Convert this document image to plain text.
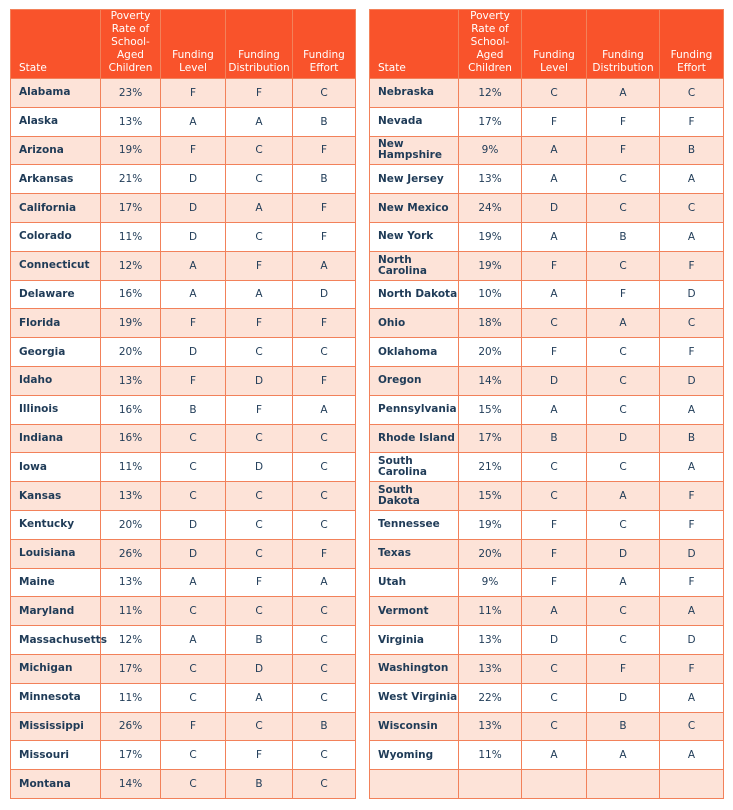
State	Poverty Rate of School-Aged Children	Funding Level	Funding Distribution	Funding Effort
Alabama	23%	F	F	C
Alaska	13%	A	A	B
Arizona	19%	F	C	F
Arkansas	21%	D	C	B
California	17%	D	A	F
Colorado	11%	D	C	F
Connecticut	12%	A	F	A
Delaware	16%	A	A	D
Florida	19%	F	F	F
Georgia	20%	D	C	C
Idaho	13%	F	D	F
Illinois	16%	B	F	A
Indiana	16%	C	C	C
Iowa	11%	C	D	C
Kansas	13%	C	C	C
Kentucky	20%	D	C	C
Louisiana	26%	D	C	F
Maine	13%	A	F	A
Maryland	11%	C	C	C
Massachusetts	12%	A	B	C
Michigan	17%	C	D	C
Minnesota	11%	C	A	C
Mississippi	26%	F	C	B
Missouri	17%	C	F	C
Montana	14%	C	B	C
State	Poverty Rate of School-Aged Children	Funding Level	Funding Distribution	Funding Effort
Nebraska	12%	C	A	C
Nevada	17%	F	F	F
New Hampshire	9%	A	F	B
New Jersey	13%	A	C	A
New Mexico	24%	D	C	C
New York	19%	A	B	A
North Carolina	19%	F	C	F
North Dakota	10%	A	F	D
Ohio	18%	C	A	C
Oklahoma	20%	F	C	F
Oregon	14%	D	C	D
Pennsylvania	15%	A	C	A
Rhode Island	17%	B	D	B
South Carolina	21%	C	C	A
South Dakota	15%	C	A	F
Tennessee	19%	F	C	F
Texas	20%	F	D	D
Utah	9%	F	A	F
Vermont	11%	A	C	A
Virginia	13%	D	C	D
Washington	13%	C	F	F
West Virginia	22%	C	D	A
Wisconsin	13%	C	B	C
Wyoming	11%	A	A	A
